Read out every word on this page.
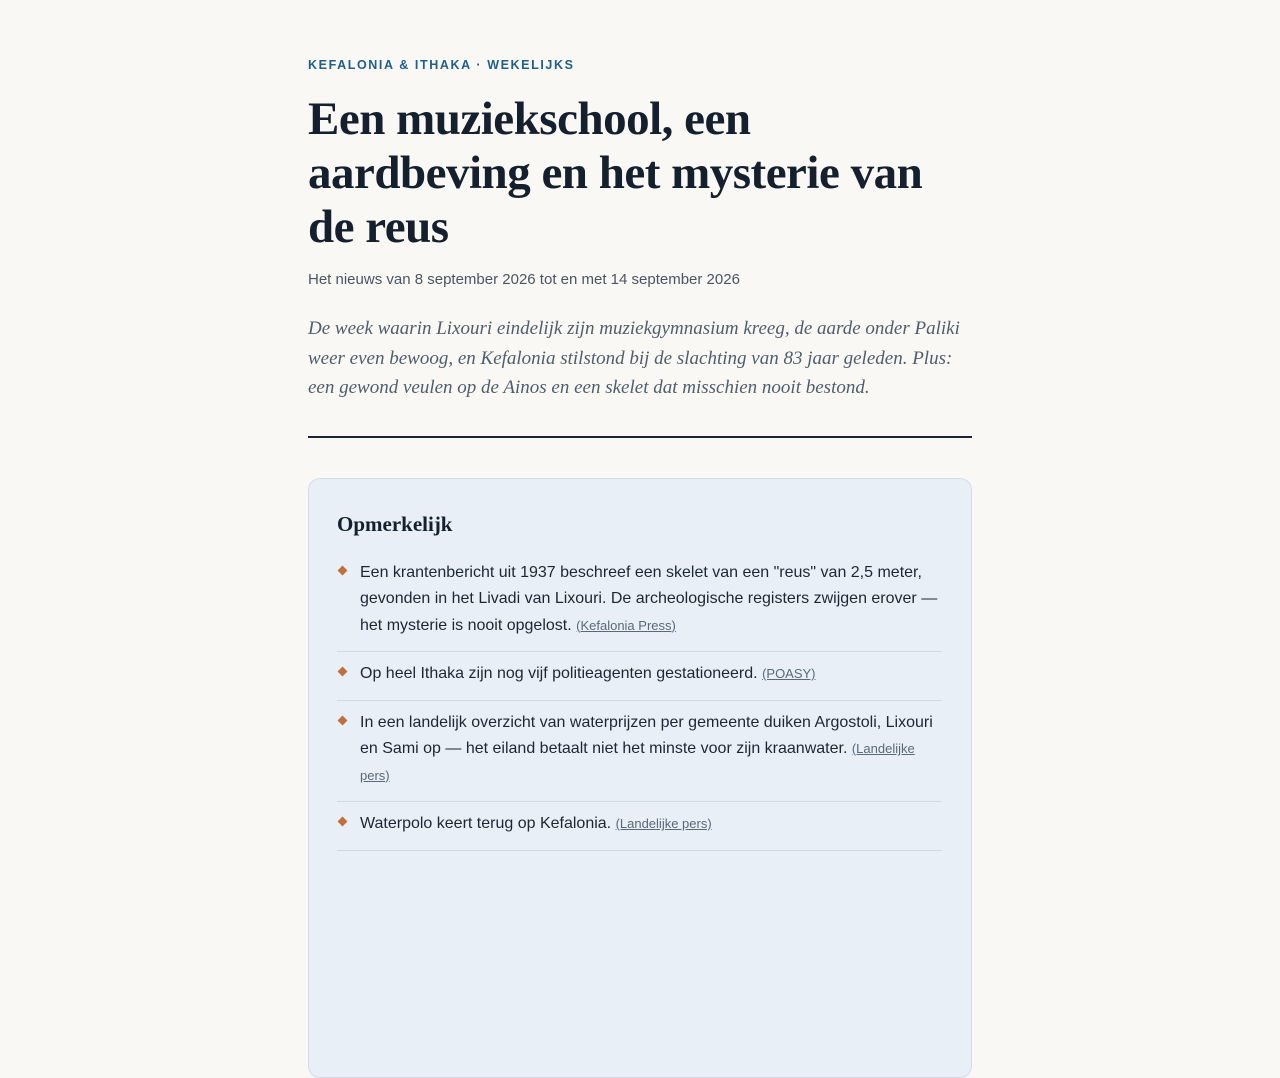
KEFALONIA & ITHAKA · WEKELIJKS

Een muziekschool, een aardbeving en het mysterie van de reus

Het nieuws van 8 september 2026 tot en met 14 september 2026

De week waarin Lixouri eindelijk zijn muziekgymnasium kreeg, de aarde onder Paliki weer even bewoog, en Kefalonia stilstond bij de slachting van 83 jaar geleden. Plus: een gewond veulen op de Ainos en een skelet dat misschien nooit bestond.

Opmerkelijk
Een krantenbericht uit 1937 beschreef een skelet van een "reus" van 2,5 meter, gevonden in het Livadi van Lixouri. De archeologische registers zwijgen erover — het mysterie is nooit opgelost. (Kefalonia Press)
Op heel Ithaka zijn nog vijf politieagenten gestationeerd. (POASY)
In een landelijk overzicht van waterprijzen per gemeente duiken Argostoli, Lixouri en Sami op — het eiland betaalt niet het minste voor zijn kraanwater. (Landelijke pers)
Waterpolo keert terug op Kefalonia. (Landelijke pers)
